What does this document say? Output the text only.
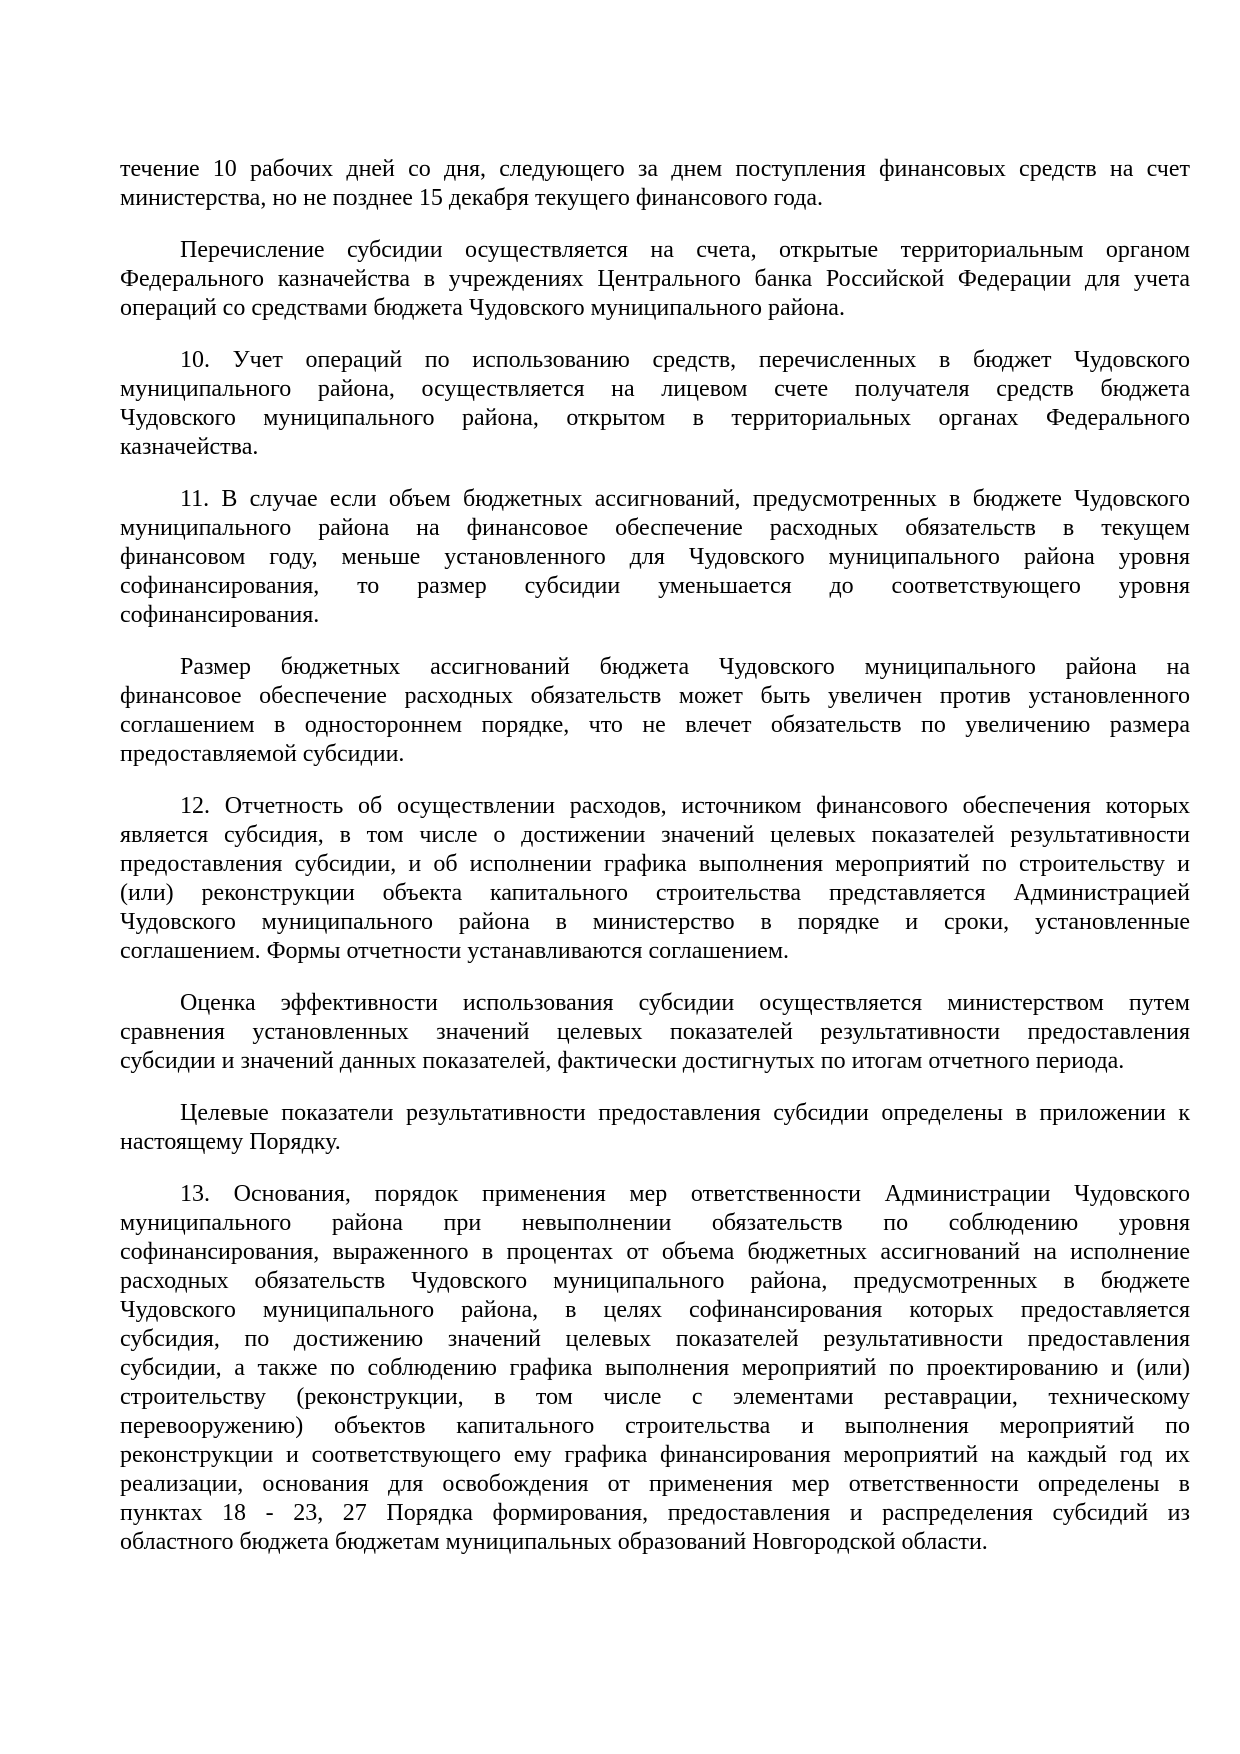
течение 10 рабочих дней со дня, следующего за днем поступления финансовых средств на счет
министерства, но не позднее 15 декабря текущего финансового года.
Перечисление субсидии осуществляется на счета, открытые территориальным органом
Федерального казначейства в учреждениях Центрального банка Российской Федерации для учета
операций со средствами бюджета Чудовского муниципального района.
10. Учет операций по использованию средств, перечисленных в бюджет Чудовского
муниципального района, осуществляется на лицевом счете получателя средств бюджета
Чудовского муниципального района, открытом в территориальных органах Федерального
казначейства.
11. В случае если объем бюджетных ассигнований, предусмотренных в бюджете Чудовского
муниципального района на финансовое обеспечение расходных обязательств в текущем
финансовом году, меньше установленного для Чудовского муниципального района уровня
софинансирования, то размер субсидии уменьшается до соответствующего уровня
софинансирования.
Размер бюджетных ассигнований бюджета Чудовского муниципального района на
финансовое обеспечение расходных обязательств может быть увеличен против установленного
соглашением в одностороннем порядке, что не влечет обязательств по увеличению размера
предоставляемой субсидии.
12. Отчетность об осуществлении расходов, источником финансового обеспечения которых
является субсидия, в том числе о достижении значений целевых показателей результативности
предоставления субсидии, и об исполнении графика выполнения мероприятий по строительству и
(или) реконструкции объекта капитального строительства представляется Администрацией
Чудовского муниципального района в министерство в порядке и сроки, установленные
соглашением. Формы отчетности устанавливаются соглашением.
Оценка эффективности использования субсидии осуществляется министерством путем
сравнения установленных значений целевых показателей результативности предоставления
субсидии и значений данных показателей, фактически достигнутых по итогам отчетного периода.
Целевые показатели результативности предоставления субсидии определены в приложении к
настоящему Порядку.
13. Основания, порядок применения мер ответственности Администрации Чудовского
муниципального района при невыполнении обязательств по соблюдению уровня
софинансирования, выраженного в процентах от объема бюджетных ассигнований на исполнение
расходных обязательств Чудовского муниципального района, предусмотренных в бюджете
Чудовского муниципального района, в целях софинансирования которых предоставляется
субсидия, по достижению значений целевых показателей результативности предоставления
субсидии, а также по соблюдению графика выполнения мероприятий по проектированию и (или)
строительству (реконструкции, в том числе с элементами реставрации, техническому
перевооружению) объектов капитального строительства и выполнения мероприятий по
реконструкции и соответствующего ему графика финансирования мероприятий на каждый год их
реализации, основания для освобождения от применения мер ответственности определены в
пунктах 18 - 23, 27 Порядка формирования, предоставления и распределения субсидий из
областного бюджета бюджетам муниципальных образований Новгородской области.
